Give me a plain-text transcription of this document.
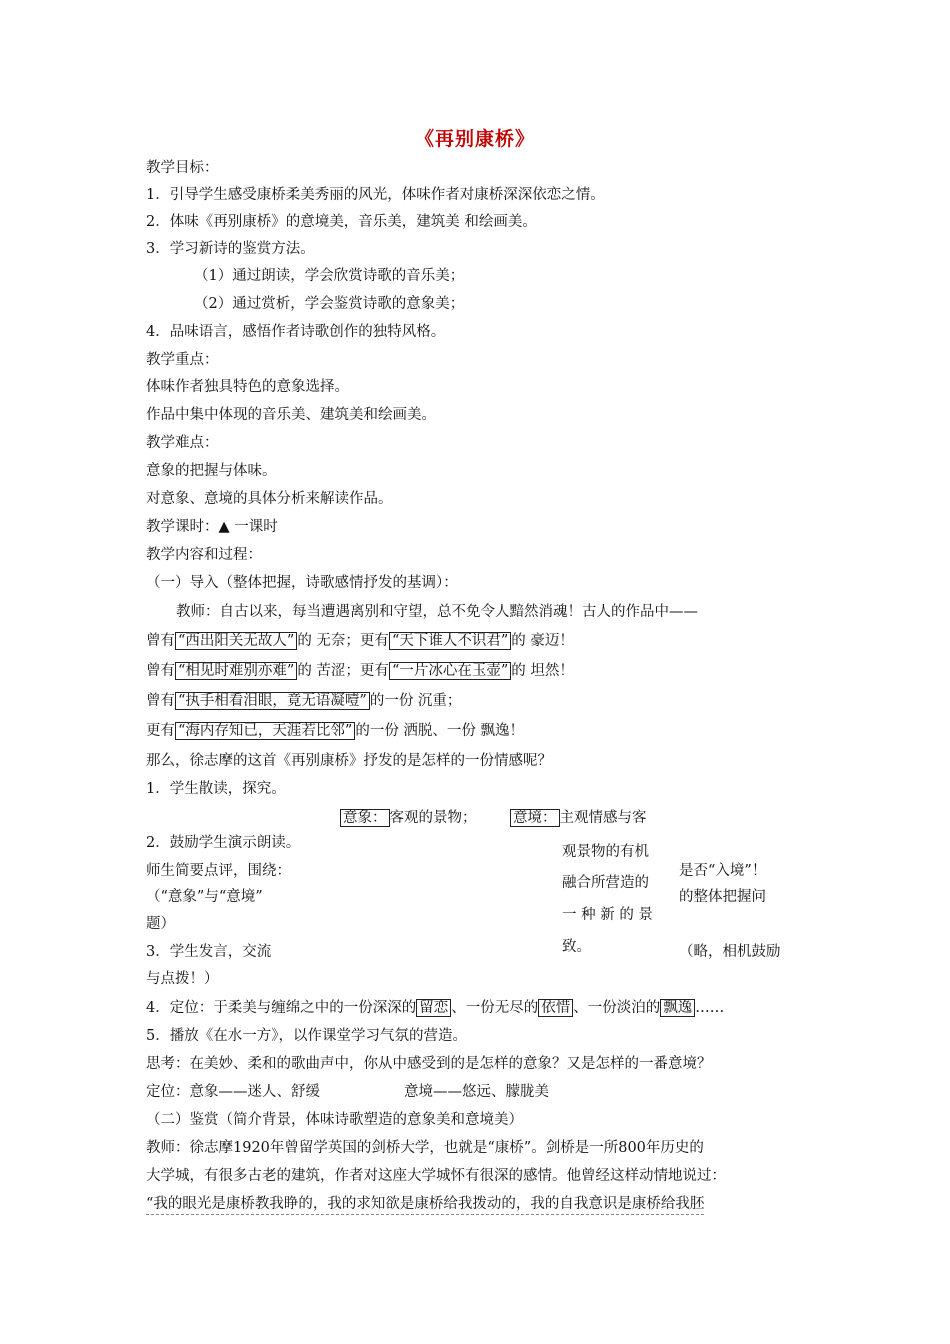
《再别康桥》
教学目标：
1．引导学生感受康桥柔美秀丽的风光，体味作者对康桥深深依恋之情。
2．体味《再别康桥》的意境美，音乐美，建筑美 和绘画美。
3．学习新诗的鉴赏方法。
（1）通过朗读，学会欣赏诗歌的音乐美；
（2）通过赏析，学会鉴赏诗歌的意象美；
4．品味语言，感悟作者诗歌创作的独特风格。
教学重点：
体味作者独具特色的意象选择。
作品中集中体现的音乐美、建筑美和绘画美。
教学难点：
意象的把握与体味。
对意象、意境的具体分析来解读作品。
教学课时：▲ 一课时
教学内容和过程：
（一）导入（整体把握，诗歌感情抒发的基调）：
教师：自古以来，每当遭遇离别和守望，总不免令人黯然消魂！古人的作品中——
曾有 “西出阳关无故人” 的 无奈；更有 “天下谁人不识君” 的 豪迈！
曾有 “相见时难别亦难” 的 苦涩；更有 “一片冰心在玉壶” 的 坦然！
曾有 “执手相看泪眼，竟无语凝噎” 的一份 沉重；
更有 “海内存知已，天涯若比邻” 的一份 洒脱、一份 飘逸！
那么，徐志摩的这首《再别康桥》抒发的是怎样的一份情感呢？
1．学生散读，探究。
意象： 客观的景物；	意境： 主观情感与客
观景物的有机
融合所营造的
一 种 新 的 景
致。
2．鼓励学生演示朗读。
师生简要点评，围绕：
（“意象”与“意境”
题）
3．学生发言，交流
与点拨！）
是否“入境”！
的整体把握问
（略，相机鼓励
4．定位：于柔美与缠绵之中的一份深深的 留恋 、一份无尽的 依惜 、一份淡泊的 飘逸 ……
5．播放《在水一方》，以作课堂学习气氛的营造。
思考：在美妙、柔和的歌曲声中，你从中感受到的是怎样的意象？又是怎样的一番意境？
定位：意象——迷人、舒缓	意境——悠远、朦胧美
（二）鉴赏（简介背景，体味诗歌塑造的意象美和意境美）
教师：徐志摩1920年曾留学英国的剑桥大学，也就是“康桥”。剑桥是一所800年历史的
大学城，有很多古老的建筑，作者对这座大学城怀有很深的感情。他曾经这样动情地说过：
“我的眼光是康桥教我睁的，我的求知欲是康桥给我拨动的，我的自我意识是康桥给我胚
